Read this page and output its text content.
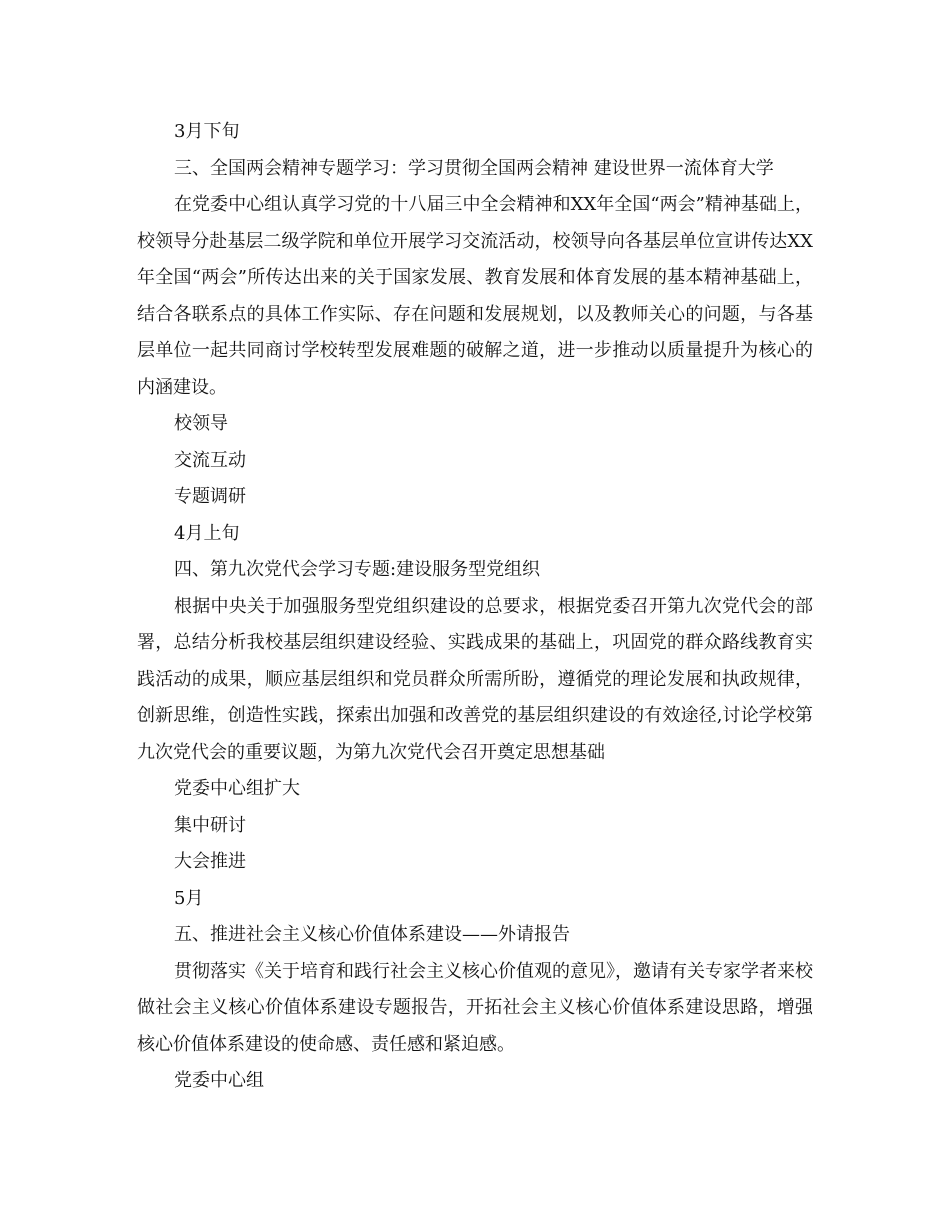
3月下旬

三、全国两会精神专题学习：学习贯彻全国两会精神 建设世界一流体育大学

在党委中心组认真学习党的十八届三中全会精神和XX年全国“两会”精神基础上，校领导分赴基层二级学院和单位开展学习交流活动，校领导向各基层单位宣讲传达XX年全国“两会”所传达出来的关于国家发展、教育发展和体育发展的基本精神基础上，结合各联系点的具体工作实际、存在问题和发展规划，以及教师关心的问题，与各基层单位一起共同商讨学校转型发展难题的破解之道，进一步推动以质量提升为核心的内涵建设。

校领导

交流互动

专题调研

4月上旬

四、第九次党代会学习专题:建设服务型党组织

根据中央关于加强服务型党组织建设的总要求，根据党委召开第九次党代会的部署，总结分析我校基层组织建设经验、实践成果的基础上，巩固党的群众路线教育实践活动的成果，顺应基层组织和党员群众所需所盼，遵循党的理论发展和执政规律，创新思维，创造性实践，探索出加强和改善党的基层组织建设的有效途径,讨论学校第九次党代会的重要议题，为第九次党代会召开奠定思想基础

党委中心组扩大

集中研讨

大会推进

5月

五、推进社会主义核心价值体系建设——外请报告

贯彻落实《关于培育和践行社会主义核心价值观的意见》，邀请有关专家学者来校做社会主义核心价值体系建设专题报告，开拓社会主义核心价值体系建设思路，增强核心价值体系建设的使命感、责任感和紧迫感。

党委中心组
